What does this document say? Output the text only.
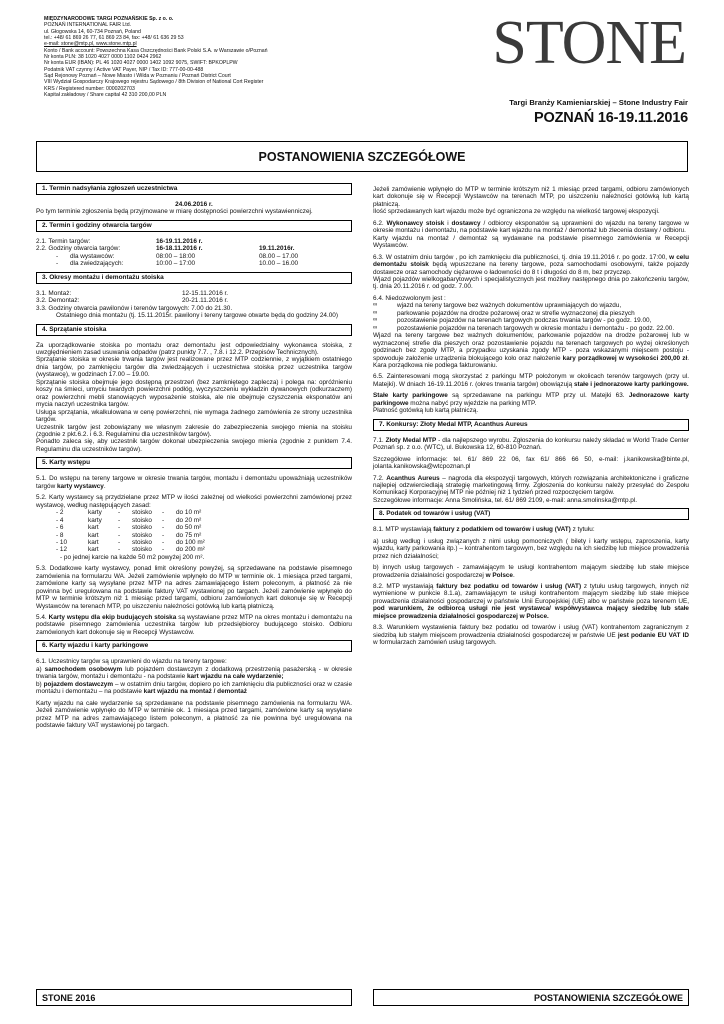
MIĘDZYNARODOWE TARGI POZNAŃSKIE Sp. z o. o.
POZNAŃ INTERNATIONAL FAIR Ltd.
ul. Głogowska 14, 60-734 Poznań, Poland
tel.: +48/ 61 869 26 77, 61 869 23 84, fax: +48/ 61 636 29 53
e-mail: stone@mtp.pl, www.stone.mtp.pl
Konto / Bank account: Powszechna Kasa Oszczędności Bank Polski S.A. w Warszawie o/Poznań
Nr konta PLN: 38 1020 4027 0000 1102 0424 2962
Nr konta EUR (IBAN): PL 46 1020 4027 0000 1402 1092 9075, SWIFT: BPKOPLPW
Podatnik VAT czynny / Active VAT Payer, NIP / Tax ID: 777-00-00-488
Sąd Rejonowy Poznań – Nowe Miasto i Wilda w Poznaniu / Poznań District Court
VIII Wydział Gospodarczy Krajowego rejestru Sądowego / 8th Division of National Cort Register
KRS / Registered number: 0000202703
Kapitał zakładowy / Share capital 42 310 200,00 PLN
STONE
Targi Branży Kamieniarskiej – Stone Industry Fair
POZNAŃ 16-19.11.2016
POSTANOWIENIA SZCZEGÓŁOWE
1. Termin nadsyłania zgłoszeń uczestnictwa
24.06.2016 r.
Po tym terminie zgłoszenia będą przyjmowane w miarę dostępności powierzchni wystawienniczej.
2. Termin i godziny otwarcia targów
2.1. Termin targów:	16-19.11.2016 r.
2.2. Godziny otwarcia targów:	16-18.11.2016 r.	19.11.2016r.
-	dla wystawców:	08:00 – 18:00	08.00 – 17.00
-	dla zwiedzających:	10:00 – 17:00	10.00 – 16.00
3. Okresy montażu i demontażu stoiska
3.1. Montaż:	12-15.11.2016 r.
3.2. Demontaż:	20-21.11.2016 r.
3.3. Godziny otwarcia pawilonów i terenów targowych: 7.00 do 21.30.
Ostatniego dnia montażu (tj. 15.11.2015r. pawilony i tereny targowe otwarte będą do godziny 24.00)
4. Sprzątanie stoiska
Za uporządkowanie stoiska po montażu oraz demontażu jest odpowiedzialny wykonawca stoiska, z uwzględnieniem zasad usuwania odpadów (patrz punkty 7.7. , 7.8. i 12.2. Przepisów Technicznych).
Sprzątanie stoiska w okresie trwania targów jest realizowane przez MTP codziennie, z wyjątkiem ostatniego dnia targów, po zamknięciu targów dla zwiedzających i uczestnictwa stoiska przez uczestnika targów (wystawcę), w godzinach 17.00 – 19.00.
Sprzątanie stoiska obejmuje jego dostępną przestrzeń (bez zamkniętego zaplecza) i polega na: opróżnieniu koszy na śmieci, umyciu twardych powierzchni podłóg, wyczyszczeniu wykładzin dywanowych (odkurzaczem) oraz powierzchni mebli stanowiących wyposażenie stoiska, ale nie obejmuje czyszczenia eksponatów ani mycia naczyń uczestnika targów.
Usługa sprzątania, wkalkulowana w cenę powierzchni, nie wymaga żadnego zamówienia ze strony uczestnika targów.
Uczestnik targów jest zobowiązany we własnym zakresie do zabezpieczenia swojego mienia na stoisku (zgodnie z pkt.6.2. i 6.3. Regulaminu dla uczestników targów).
Ponadto zaleca się, aby uczestnik targów dokonał ubezpieczenia swojego mienia (zgodnie z punktem 7.4. Regulaminu dla uczestników targów).
5. Karty wstępu
5.1. Do wstępu na tereny targowe w okresie trwania targów, montażu i demontażu upoważniają uczestników targów karty wystawcy.
5.2. Karty wystawcy są przydzielane przez MTP w ilości zależnej od wielkości powierzchni zamówionej przez wystawcę, według następujących zasad:
- 2	karty	-	stoisko	-	do 10 m²
- 4	karty	-	stoisko	-	do 20 m²
- 6	kart	-	stoisko	-	do 50 m²
- 8	kart	-	stoisko	-	do 75 m²
- 10	kart	-	stoisko	-	do 100 m²
- 12	kart	-	stoisko	-	do 200 m²
- po jednej karcie na każde 50 m2 powyżej 200 m².
5.3. Dodatkowe karty wystawcy, ponad limit określony powyżej, są sprzedawane na podstawie pisemnego zamówienia na formularzu WA. Jeżeli zamówienie wpłynęło do MTP w terminie ok. 1 miesiąca przed targami, zamówione karty są wysyłane przez MTP na adres zamawiającego listem poleconym, a płatność za nie powinna być uregulowana na podstawie faktury VAT wystawionej po targach. Jeżeli zamówienie wpłynęło do MTP w terminie krótszym niż 1 miesiąc przed targami, odbioru zamówionych kart dokonuje się w Recepcji Wystawców na terenach MTP, po uiszczeniu należności gotówką lub kartą płatniczą.
5.4. Karty wstępu dla ekip budujących stoiska są wystawiane przez MTP na okres montażu i demontażu na podstawie pisemnego zamówienia uczestnika targów lub przedsiębiorcy budującego stoisko. Odbioru zamówionych kart dokonuje się w Recepcji Wystawców.
6. Karty wjazdu i karty parkingowe
6.1. Uczestnicy targów są uprawnieni do wjazdu na tereny targowe:
a) samochodem osobowym lub pojazdem dostawczym z dodatkową przestrzenią pasażerską - w okresie trwania targów, montażu i demontażu - na podstawie kart wjazdu na całe wydarzenie;
b) pojazdem dostawczym – w ostatnim dniu targów, dopiero po ich zamknięciu dla publiczności oraz w czasie montażu i demontażu – na podstawie kart wjazdu na montaż / demontaż
Karty wjazdu na całe wydarzenie są sprzedawane na podstawie pisemnego zamówienia na formularzu WA. Jeżeli zamówienie wpłynęło do MTP w terminie ok. 1 miesiąca przed targami, zamówione karty są wysyłane przez MTP na adres zamawiającego listem poleconym, a płatność za nie powinna być uregulowana na podstawie faktury VAT wystawionej po targach.
Jeżeli zamówienie wpłynęło do MTP w terminie krótszym niż 1 miesiąc przed targami, odbioru zamówionych kart dokonuje się w Recepcji Wystawców na terenach MTP, po uiszczeniu należności gotówką lub kartą płatniczą.
Ilość sprzedawanych kart wjazdu może być ograniczona ze względu na wielkość targowej ekspozycji.
6.2. Wykonawcy stoisk i dostawcy / odbiorcy eksponatów są uprawnieni do wjazdu na tereny targowe w okresie montażu i demontażu, na podstawie kart wjazdu na montaż / demontaż lub zlecenia dostawy / odbioru.
Karty wjazdu na montaż / demontaż są wydawane na podstawie pisemnego zamówienia w Recepcji Wystawców.
6.3. W ostatnim dniu targów , po ich zamknięciu dla publiczności, tj. dnia 19.11.2016 r. po godz. 17:00, w celu demontażu stoisk będą wpuszczane na tereny targowe, poza samochodami osobowymi, także pojazdy dostawcze oraz samochody ciężarowe o ładowności do 8 t i długości do 8 m, bez przyczep.
Wjazd pojazdów wielkogabarytowych i specjalistycznych jest możliwy następnego dnia po zakończeniu targów, tj. dnia 20.11.2016 r. od godz. 7.00.
6.4. Niedozwolonym jest :
∞	wjazd na tereny targowe bez ważnych dokumentów uprawniających do wjazdu,
∞	parkowanie pojazdów na drodze pożarowej oraz w strefie wyznaczonej dla pieszych
∞	pozostawienie pojazdów na terenach targowych podczas trwania targów - po godz. 19.00,
∞	pozostawienie pojazdów na terenach targowych w okresie montażu i demontażu - po godz. 22.00.
Wjazd na tereny targowe bez ważnych dokumentów, parkowanie pojazdów na drodze pożarowej lub w wyznaczonej strefie dla pieszych oraz pozostawienie pojazdu na terenach targowych po wyżej określonych godzinach bez zgody MTP, a przypadku uzyskania zgody MTP - poza wskazanymi miejscem postoju - spowoduje założenie urządzenia blokującego koło oraz nałożenie kary porządkowej w wysokości 200,00 zł. Kara porządkowa nie podlega fakturowaniu.
6.5. Zainteresowani mogą skorzystać z parkingu MTP położonym w okolicach terenów targowych (przy ul. Matejki). W dniach 16-19.11.2016 r. (okres trwania targów) obowiązują stałe i jednorazowe karty parkingowe.
Stałe karty parkingowe są sprzedawane na parkingu MTP przy ul. Matejki 63. Jednorazowe karty parkingowe można nabyć przy wjeździe na parking MTP.
Płatność gotówką lub kartą płatniczą.
7. Konkursy: Złoty Medal MTP, Acanthus Aureus
7.1. Złoty Medal MTP - dla najlepszego wyrobu. Zgłoszenia do konkursu należy składać w World Trade Center Poznań sp. z o.o. (WTC), ul. Bukowska 12, 60-810 Poznań.
Szczegółowe informacje: tel. 61/ 869 22 06, fax 61/ 866 66 50, e-mail: j.kanikowska@binte.pl, jolanta.kanikowska@wtcpoznan.pl
7.2. Acanthus Aureus – nagroda dla ekspozycji targowych, których rozwiązania architektoniczne i graficzne najlepiej odzwierciedlają strategię marketingową firmy. Zgłoszenia do konkursu należy przesyłać do Zespołu Komunikacji Korporacyjnej MTP nie później niż 1 tydzień przed rozpoczęciem targów.
Szczegółowe informacje: Anna Smolińska, tel. 61/ 869 2109, e-mail: anna.smolinska@mtp.pl.
8. Podatek od towarów i usług (VAT)
8.1. MTP wystawiają faktury z podatkiem od towarów i usług (VAT) z tytułu:
a) usług według i usług związanych z nimi usług pomocniczych ( bilety i karty wstępu, zaproszenia, karty wjazdu, karty parkowania itp.) – kontrahentom targowym, bez względu na ich siedzibę lub miejsce prowadzenia przez nich działalności;
b) innych usług targowych - zamawiającym te usługi kontrahentom mającym siedzibę lub stałe miejsce prowadzenia działalności gospodarczej w Polsce.
8.2. MTP wystawiają faktury bez podatku od towarów i usług (VAT) z tytułu usług targowych, innych niż wymienione w punkcie 8.1.a), zamawiającym te usługi kontrahentom mającym siedzibę lub stałe miejsce prowadzenia działalności gospodarczej w państwie Unii Europejskiej (UE) albo w państwie poza terenem UE, pod warunkiem, że odbiorcą usługi nie jest wystawca/ współwystawca mający siedzibę lub stałe miejsce prowadzenia działalności gospodarczej w Polsce.
8.3. Warunkiem wystawienia faktury bez podatku od towarów i usług (VAT) kontrahentom zagranicznym z siedzibą lub stałym miejscem prowadzenia działalności gospodarczej w państwie UE jest podanie EU VAT ID w formularzach zamówień usług targowych.
STONE 2016	POSTANOWIENIA SZCZEGÓŁOWE
